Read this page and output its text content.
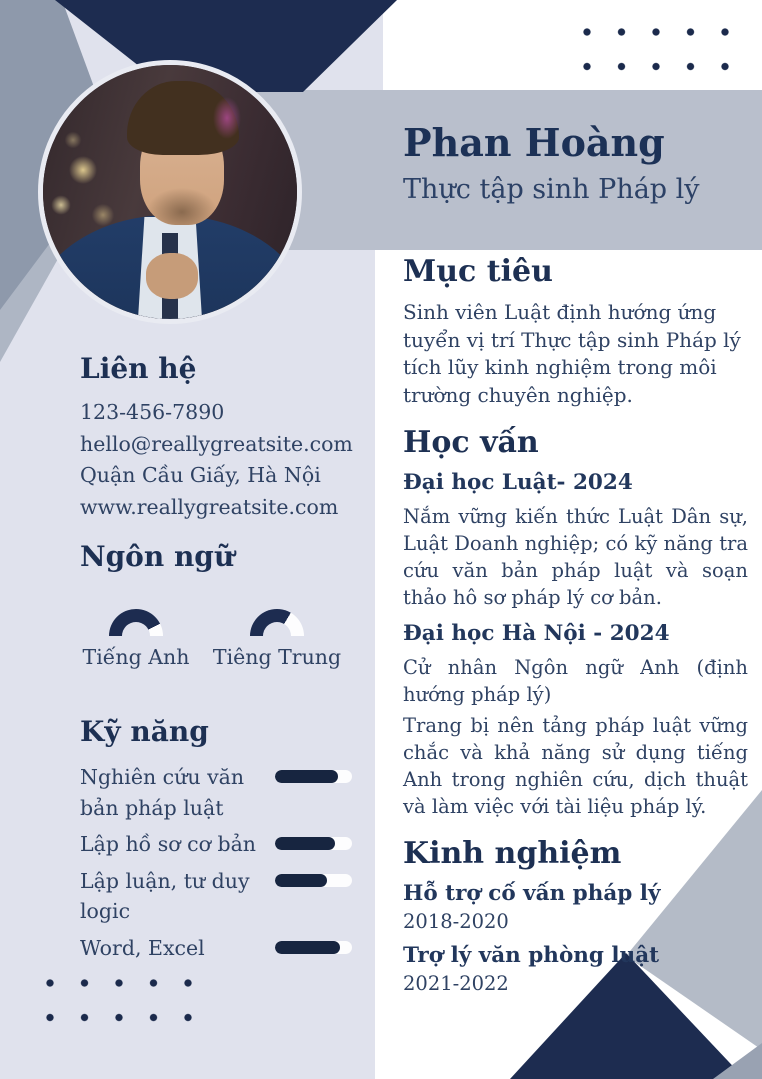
Phan Hoàng
Thực tập sinh Pháp lý
Liên hệ
123-456-7890
hello@reallygreatsite.com
Quận Cầu Giấy, Hà Nội
www.reallygreatsite.com
Ngôn ngữ
Tiếng Anh Tiêng Trung
Kỹ năng
Nghiên cứu văn bản pháp luật
Lập hồ sơ cơ bản
Lập luận, tư duy logic
Word, Excel
Mục tiêu

Sinh viên Luật định hướng ứng tuyển vị trí Thực tập sinh Pháp lý tích lũy kinh nghiệm trong môi trường chuyên nghiệp.

Học vấn
Đại học Luật- 2024

Nắm vững kiến thức Luật Dân sự, Luật Doanh nghiệp; có kỹ năng tra cứu văn bản pháp luật và soạn thảo hô sơ pháp lý cơ bản.

Đại học Hà Nội - 2024

Cử nhân Ngôn ngữ Anh (định hướng pháp lý)

Trang bị nên tảng pháp luật vững chắc và khả năng sử dụng tiếng Anh trong nghiên cứu, dịch thuật và làm việc với tài liệu pháp lý.

Kinh nghiệm
Hỗ trợ cố vấn pháp lý

2018-2020

Trợ lý văn phòng luật

2021-2022
